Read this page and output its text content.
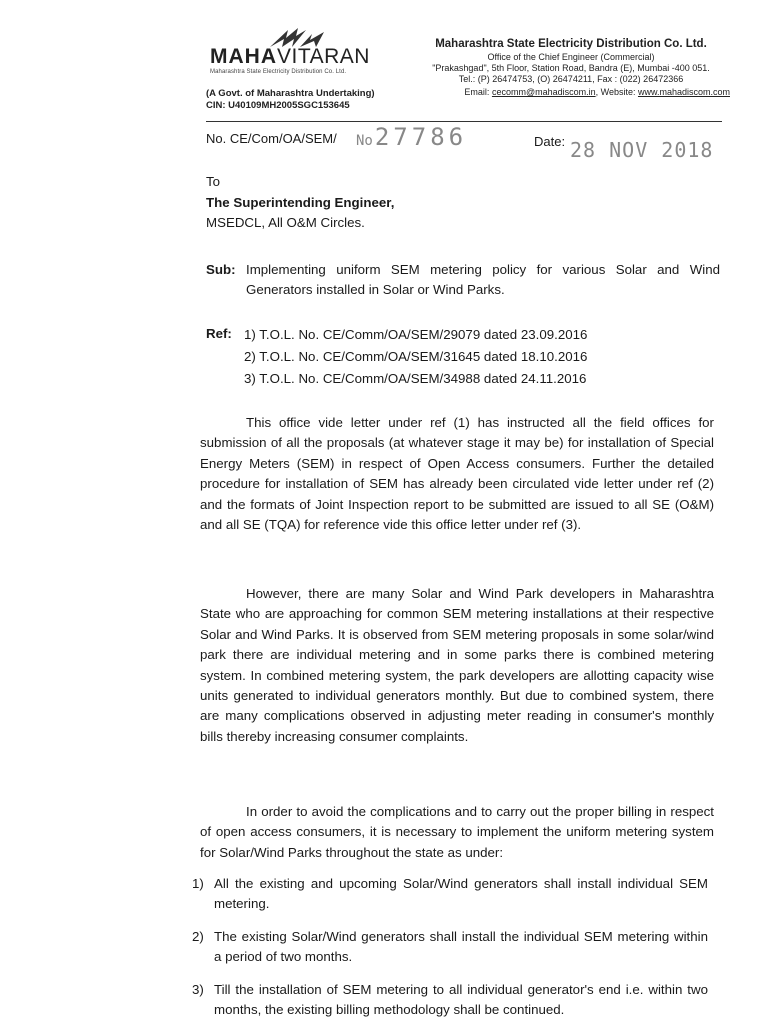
MAHAVITARAN
Maharashtra State Electricity Distribution Co. Ltd.
(A Govt. of Maharashtra Undertaking)
CIN: U40109MH2005SGC153645
Maharashtra State Electricity Distribution Co. Ltd.
Office of the Chief Engineer (Commercial)
"Prakashgad", 5th Floor, Station Road, Bandra (E), Mumbai -400 051.
Tel.: (P) 26474753, (O) 26474211, Fax : (022) 26472366
Email: cecomm@mahadiscom.in, Website: www.mahadiscom.com
No. CE/Com/OA/SEM/ No27786	Date: 28 NOV 2018
To
The Superintending Engineer,
MSEDCL, All O&M Circles.
Sub: Implementing uniform SEM metering policy for various Solar and Wind Generators installed in Solar or Wind Parks.
Ref: 1) T.O.L. No. CE/Comm/OA/SEM/29079 dated 23.09.2016
2) T.O.L. No. CE/Comm/OA/SEM/31645 dated 18.10.2016
3) T.O.L. No. CE/Comm/OA/SEM/34988 dated 24.11.2016

This office vide letter under ref (1) has instructed all the field offices for submission of all the proposals (at whatever stage it may be) for installation of Special Energy Meters (SEM) in respect of Open Access consumers. Further the detailed procedure for installation of SEM has already been circulated vide letter under ref (2) and the formats of Joint Inspection report to be submitted are issued to all SE (O&M) and all SE (TQA) for reference vide this office letter under ref (3).

However, there are many Solar and Wind Park developers in Maharashtra State who are approaching for common SEM metering installations at their respective Solar and Wind Parks. It is observed from SEM metering proposals in some solar/wind park there are individual metering and in some parks there is combined metering system. In combined metering system, the park developers are allotting capacity wise units generated to individual generators monthly. But due to combined system, there are many complications observed in adjusting meter reading in consumer's monthly bills thereby increasing consumer complaints.

In order to avoid the complications and to carry out the proper billing in respect of open access consumers, it is necessary to implement the uniform metering system for Solar/Wind Parks throughout the state as under:

1) All the existing and upcoming Solar/Wind generators shall install individual SEM metering.
2) The existing Solar/Wind generators shall install the individual SEM metering within a period of two months.
3) Till the installation of SEM metering to all individual generator's end i.e. within two months, the existing billing methodology shall be continued.
